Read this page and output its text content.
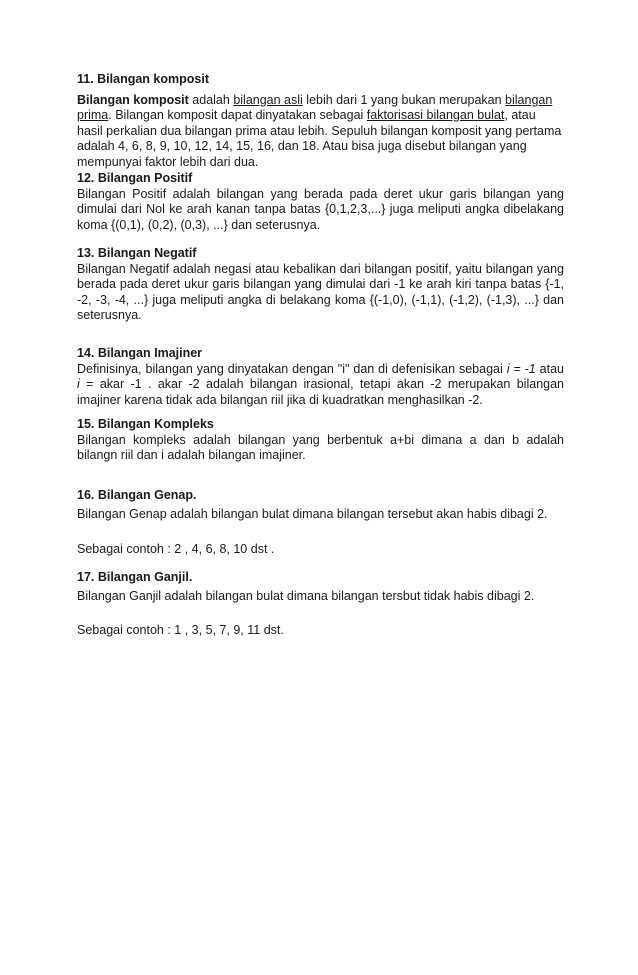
11. Bilangan komposit

Bilangan komposit adalah bilangan asli lebih dari 1 yang bukan merupakan bilangan prima. Bilangan komposit dapat dinyatakan sebagai faktorisasi bilangan bulat, atau hasil perkalian dua bilangan prima atau lebih. Sepuluh bilangan komposit yang pertama adalah 4, 6, 8, 9, 10, 12, 14, 15, 16, dan 18. Atau bisa juga disebut bilangan yang mempunyai faktor lebih dari dua.

12. Bilangan Positif

Bilangan Positif adalah bilangan yang berada pada deret ukur garis bilangan yang dimulai dari Nol ke arah kanan tanpa batas {0,1,2,3,...} juga meliputi angka dibelakang koma {(0,1), (0,2), (0,3), ...} dan seterusnya.

13. Bilangan Negatif

Bilangan Negatif adalah negasi atau kebalikan dari bilangan positif, yaitu bilangan yang berada pada deret ukur garis bilangan yang dimulai dari -1 ke arah kiri tanpa batas {-1, -2, -3, -4, ...} juga meliputi angka di belakang koma {(-1,0), (-1,1), (-1,2), (-1,3), ...} dan seterusnya.

14. Bilangan Imajiner

Definisinya, bilangan yang dinyatakan dengan "i" dan di defenisikan sebagai i = -1 atau i = akar -1 . akar -2 adalah bilangan irasional, tetapi akan -2 merupakan bilangan imajiner karena tidak ada bilangan riil jika di kuadratkan menghasilkan -2.

15. Bilangan Kompleks

Bilangan kompleks adalah bilangan yang berbentuk a+bi dimana a dan b adalah bilangn riil dan i adalah bilangan imajiner.

16. Bilangan Genap.

Bilangan Genap adalah bilangan bulat dimana bilangan tersebut akan habis dibagi 2.

Sebagai contoh : 2 , 4, 6, 8, 10 dst .

17. Bilangan Ganjil.

Bilangan Ganjil adalah bilangan bulat dimana bilangan tersbut tidak habis dibagi 2.

Sebagai contoh : 1 , 3, 5, 7, 9, 11 dst.
